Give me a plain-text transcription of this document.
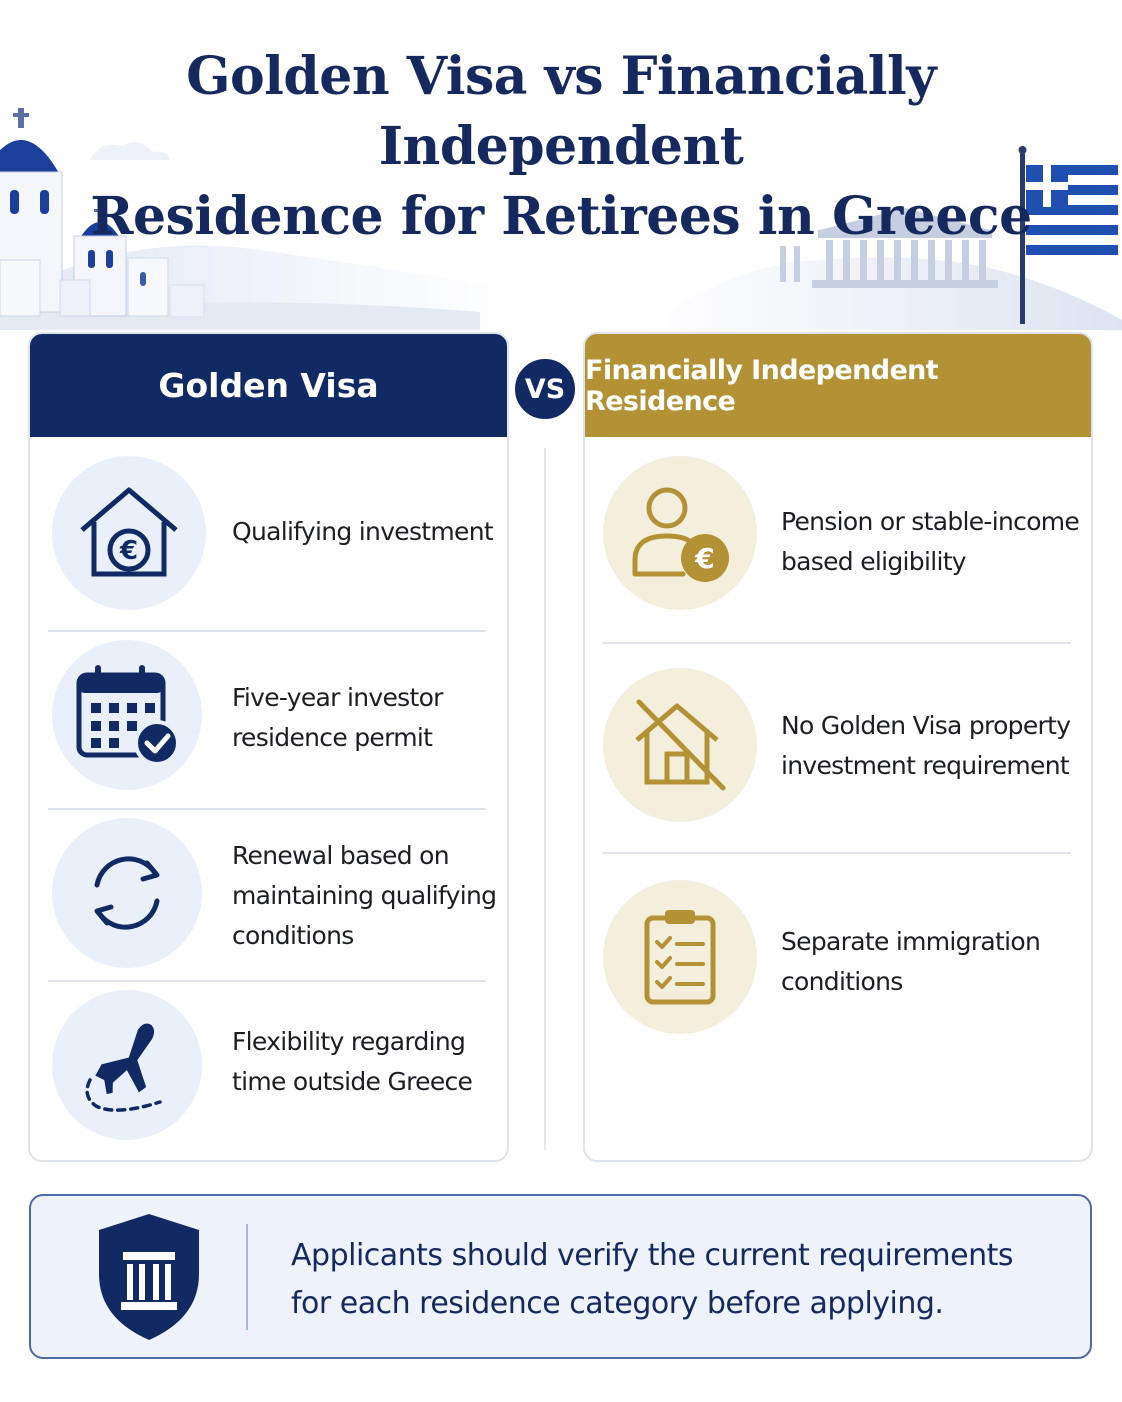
Golden Visa vs Financially Independent
Residence for Retirees in Greece
Golden Visa
€
Qualifying investment
Five-year investor
residence permit
Renewal based on
maintaining qualifying
conditions
Flexibility regarding
time outside Greece
VS
Financially Independent Residence
€
Pension or stable-income
based eligibility
No Golden Visa property
investment requirement
Separate immigration
conditions
Applicants should verify the current requirements
for each residence category before applying.
